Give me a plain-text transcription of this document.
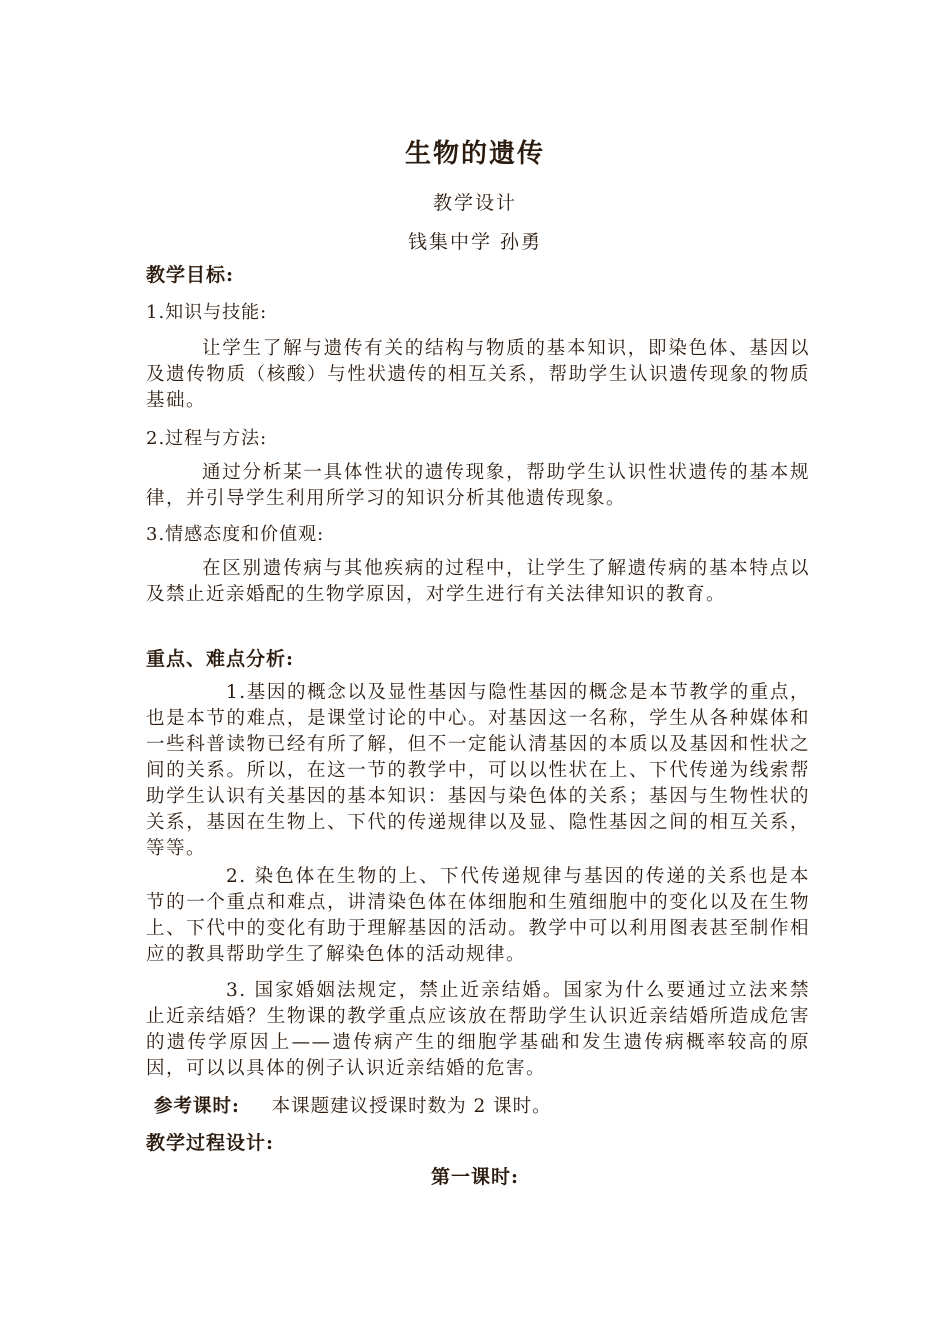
生物的遗传
教学设计
钱集中学 孙勇
教学目标:
1.知识与技能:
让学生了解与遗传有关的结构与物质的基本知识，即染色体、基因以及遗传物质（核酸）与性状遗传的相互关系，帮助学生认识遗传现象的物质基础。
2.过程与方法:
通过分析某一具体性状的遗传现象，帮助学生认识性状遗传的基本规律，并引导学生利用所学习的知识分析其他遗传现象。
3.情感态度和价值观:
在区别遗传病与其他疾病的过程中，让学生了解遗传病的基本特点以及禁止近亲婚配的生物学原因，对学生进行有关法律知识的教育。
重点、难点分析:
1.基因的概念以及显性基因与隐性基因的概念是本节教学的重点，也是本节的难点，是课堂讨论的中心。对基因这一名称，学生从各种媒体和一些科普读物已经有所了解，但不一定能认清基因的本质以及基因和性状之间的关系。所以，在这一节的教学中，可以以性状在上、下代传递为线索帮助学生认识有关基因的基本知识：基因与染色体的关系；基因与生物性状的关系，基因在生物上、下代的传递规律以及显、隐性基因之间的相互关系，等等。
2. 染色体在生物的上、下代传递规律与基因的传递的关系也是本节的一个重点和难点，讲清染色体在体细胞和生殖细胞中的变化以及在生物上、下代中的变化有助于理解基因的活动。教学中可以利用图表甚至制作相应的教具帮助学生了解染色体的活动规律。
3. 国家婚姻法规定，禁止近亲结婚。国家为什么要通过立法来禁止近亲结婚？生物课的教学重点应该放在帮助学生认识近亲结婚所造成危害的遗传学原因上——遗传病产生的细胞学基础和发生遗传病概率较高的原因，可以以具体的例子认识近亲结婚的危害。
参考课时: 本课题建议授课时数为 2 课时。
教学过程设计:
第一课时:
